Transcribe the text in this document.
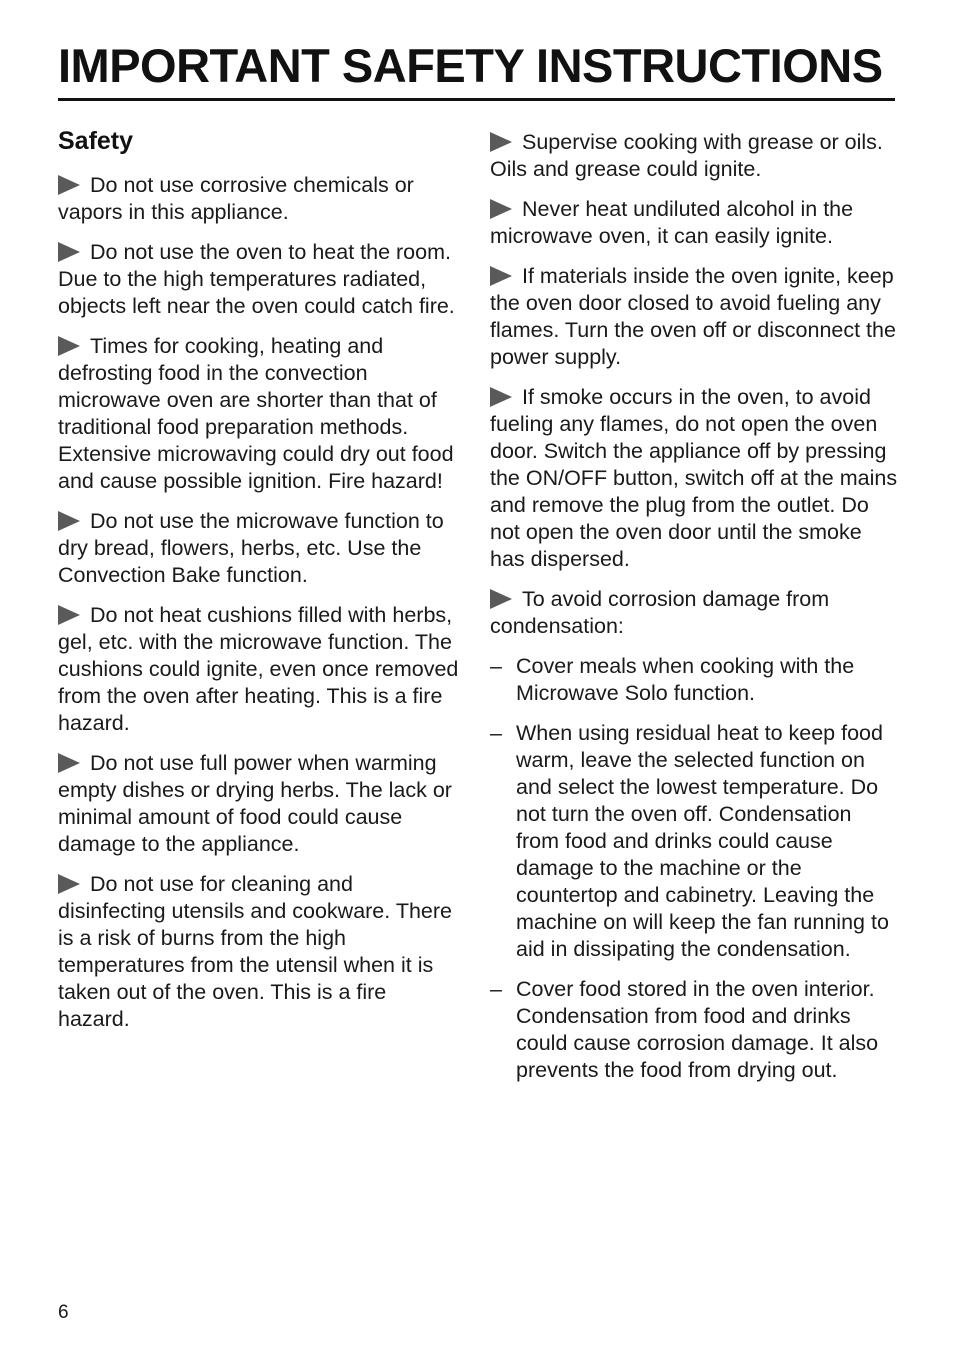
IMPORTANT SAFETY INSTRUCTIONS
Safety

Do not use corrosive chemicals or vapors in this appliance.

Do not use the oven to heat the room. Due to the high temperatures radiated, objects left near the oven could catch fire.

Times for cooking, heating and defrosting food in the convection microwave oven are shorter than that of traditional food preparation methods. Extensive microwaving could dry out food and cause possible ignition. Fire hazard!

Do not use the microwave function to dry bread, flowers, herbs, etc. Use the Convection Bake function.

Do not heat cushions filled with herbs, gel, etc. with the microwave function. The cushions could ignite, even once removed from the oven after heating. This is a fire hazard.

Do not use full power when warming empty dishes or drying herbs. The lack or minimal amount of food could cause damage to the appliance.

Do not use for cleaning and disinfecting utensils and cookware. There is a risk of burns from the high temperatures from the utensil when it is taken out of the oven. This is a fire hazard.

Supervise cooking with grease or oils. Oils and grease could ignite.

Never heat undiluted alcohol in the microwave oven, it can easily ignite.

If materials inside the oven ignite, keep the oven door closed to avoid fueling any flames. Turn the oven off or disconnect the power supply.

If smoke occurs in the oven, to avoid fueling any flames, do not open the oven door. Switch the appliance off by pressing the ON/OFF button, switch off at the mains and remove the plug from the outlet. Do not open the oven door until the smoke has dispersed.

To avoid corrosion damage from condensation:

– Cover meals when cooking with the Microwave Solo function.
– When using residual heat to keep food warm, leave the selected function on and select the lowest temperature. Do not turn the oven off. Condensation from food and drinks could cause damage to the machine or the countertop and cabinetry. Leaving the machine on will keep the fan running to aid in dissipating the condensation.
– Cover food stored in the oven interior. Condensation from food and drinks could cause corrosion damage. It also prevents the food from drying out.
6
